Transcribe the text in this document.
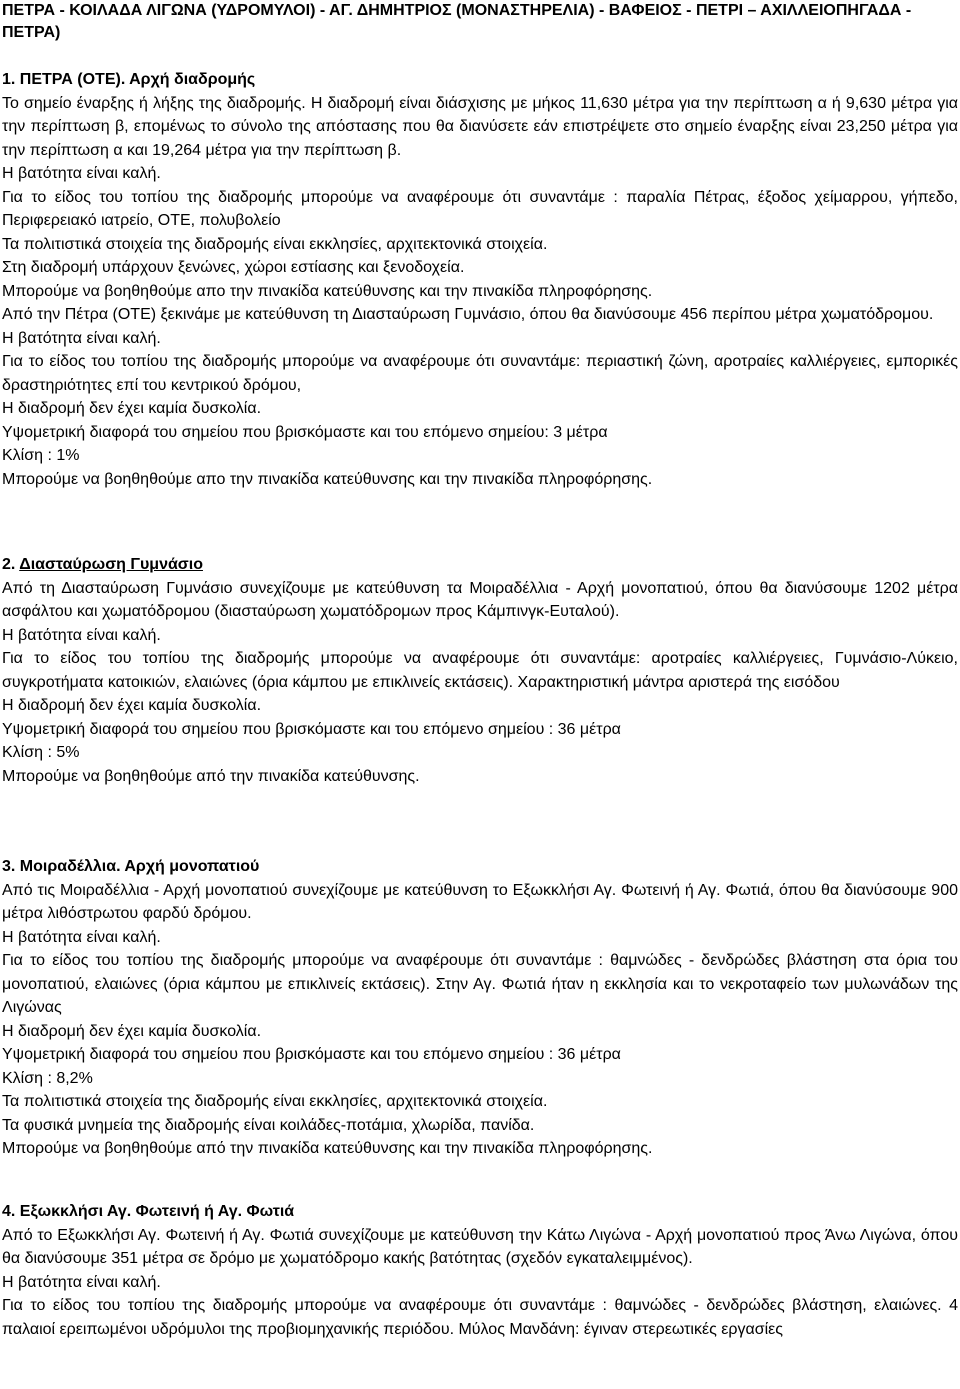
ΠΕΤΡΑ - ΚΟΙΛΑΔΑ ΛΙΓΩΝΑ (ΥΔΡΟΜΥΛΟΙ) - ΑΓ. ΔΗΜΗΤΡΙΟΣ (ΜΟΝΑΣΤΗΡΕΛΙΑ) - ΒΑΦΕΙΟΣ - ΠΕΤΡΙ – ΑΧΙΛΛΕΙΟΠΗΓΑΔΑ - ΠΕΤΡΑ)

1. ΠΕΤΡΑ (ΟΤΕ). Αρχή διαδρομής

Το σημείο έναρξης ή λήξης της διαδρομής. Η διαδρομή είναι διάσχισης με μήκος 11,630 μέτρα για την περίπτωση α ή 9,630 μέτρα για την περίπτωση β, επομένως το σύνολο της απόστασης που θα διανύσετε εάν επιστρέψετε στο σημείο έναρξης είναι 23,250 μέτρα για την περίπτωση α και 19,264 μέτρα για την περίπτωση β.

Η βατότητα είναι καλή.

Για το είδος του τοπίου της διαδρομής μπορούμε να αναφέρουμε ότι συναντάμε : παραλία Πέτρας, έξοδος χείμαρρου, γήπεδο, Περιφερειακό ιατρείο, ΟΤΕ, πολυβολείο

Τα πολιτιστικά στοιχεία της διαδρομής είναι εκκλησίες, αρχιτεκτονικά στοιχεία.

Στη διαδρομή υπάρχουν ξενώνες, χώροι εστίασης και ξενοδοχεία.

Μπορούμε να βοηθηθούμε απο την πινακίδα κατεύθυνσης και την πινακίδα πληροφόρησης.

Από την Πέτρα (ΟΤΕ) ξεκινάμε με κατεύθυνση τη Διασταύρωση Γυμνάσιο, όπου θα διανύσουμε 456 περίπου μέτρα χωματόδρομου.

Η βατότητα είναι καλή.

Για το είδος του τοπίου της διαδρομής μπορούμε να αναφέρουμε ότι συναντάμε: περιαστική ζώνη, αροτραίες καλλιέργειες, εμπορικές δραστηριότητες επί του κεντρικού δρόμου,

Η διαδρομή δεν έχει καμία δυσκολία.

Υψομετρική διαφορά του σημείου που βρισκόμαστε και του επόμενο σημείου: 3 μέτρα

Κλίση : 1%

Μπορούμε να βοηθηθούμε απο την πινακίδα κατεύθυνσης και την πινακίδα πληροφόρησης.

2. Διασταύρωση Γυμνάσιο

Από τη Διασταύρωση Γυμνάσιο συνεχίζουμε με κατεύθυνση τα Μοιραδέλλια - Αρχή μονοπατιού, όπου θα διανύσουμε 1202 μέτρα ασφάλτου και χωματόδρομου (διασταύρωση χωματόδρομων προς Κάμπινγκ-Ευταλού).

Η βατότητα είναι καλή.

Για το είδος του τοπίου της διαδρομής μπορούμε να αναφέρουμε ότι συναντάμε: αροτραίες καλλιέργειες, Γυμνάσιο-Λύκειο, συγκροτήματα κατοικιών, ελαιώνες (όρια κάμπου με επικλινείς εκτάσεις). Χαρακτηριστική μάντρα αριστερά της εισόδου

Η διαδρομή δεν έχει καμία δυσκολία.

Υψομετρική διαφορά του σημείου που βρισκόμαστε και του επόμενο σημείου : 36 μέτρα

Κλίση : 5%

Μπορούμε να βοηθηθούμε από την πινακίδα κατεύθυνσης.

3. Μοιραδέλλια. Αρχή μονοπατιού

Από τις Μοιραδέλλια - Αρχή μονοπατιού συνεχίζουμε με κατεύθυνση το Εξωκκλήσι Αγ. Φωτεινή ή Αγ. Φωτιά, όπου θα διανύσουμε 900 μέτρα λιθόστρωτου φαρδύ δρόμου.

Η βατότητα είναι καλή.

Για το είδος του τοπίου της διαδρομής μπορούμε να αναφέρουμε ότι συναντάμε : θαμνώδες - δενδρώδες βλάστηση στα όρια του μονοπατιού, ελαιώνες (όρια κάμπου με επικλινείς εκτάσεις). Στην Αγ. Φωτιά ήταν η εκκλησία και το νεκροταφείο των μυλωνάδων της Λιγώνας

Η διαδρομή δεν έχει καμία δυσκολία.

Υψομετρική διαφορά του σημείου που βρισκόμαστε και του επόμενο σημείου : 36 μέτρα

Κλίση : 8,2%

Τα πολιτιστικά στοιχεία της διαδρομής είναι εκκλησίες, αρχιτεκτονικά στοιχεία.

Τα φυσικά μνημεία της διαδρομής είναι κοιλάδες-ποτάμια, χλωρίδα, πανίδα.

Μπορούμε να βοηθηθούμε από την πινακίδα κατεύθυνσης και την πινακίδα πληροφόρησης.

4. Εξωκκλήσι Αγ. Φωτεινή ή Αγ. Φωτιά

Από το Εξωκκλήσι Αγ. Φωτεινή ή Αγ. Φωτιά συνεχίζουμε με κατεύθυνση την Κάτω Λιγώνα - Αρχή μονοπατιού προς Άνω Λιγώνα, όπου θα διανύσουμε 351 μέτρα σε δρόμο με χωματόδρομο κακής βατότητας (σχεδόν εγκαταλειμμένος).

Η βατότητα είναι καλή.

Για το είδος του τοπίου της διαδρομής μπορούμε να αναφέρουμε ότι συναντάμε : θαμνώδες - δενδρώδες βλάστηση, ελαιώνες. 4 παλαιοί ερειπωμένοι υδρόμυλοι της προβιομηχανικής περιόδου. Μύλος Μανδάνη: έγιναν στερεωτικές εργασίες
